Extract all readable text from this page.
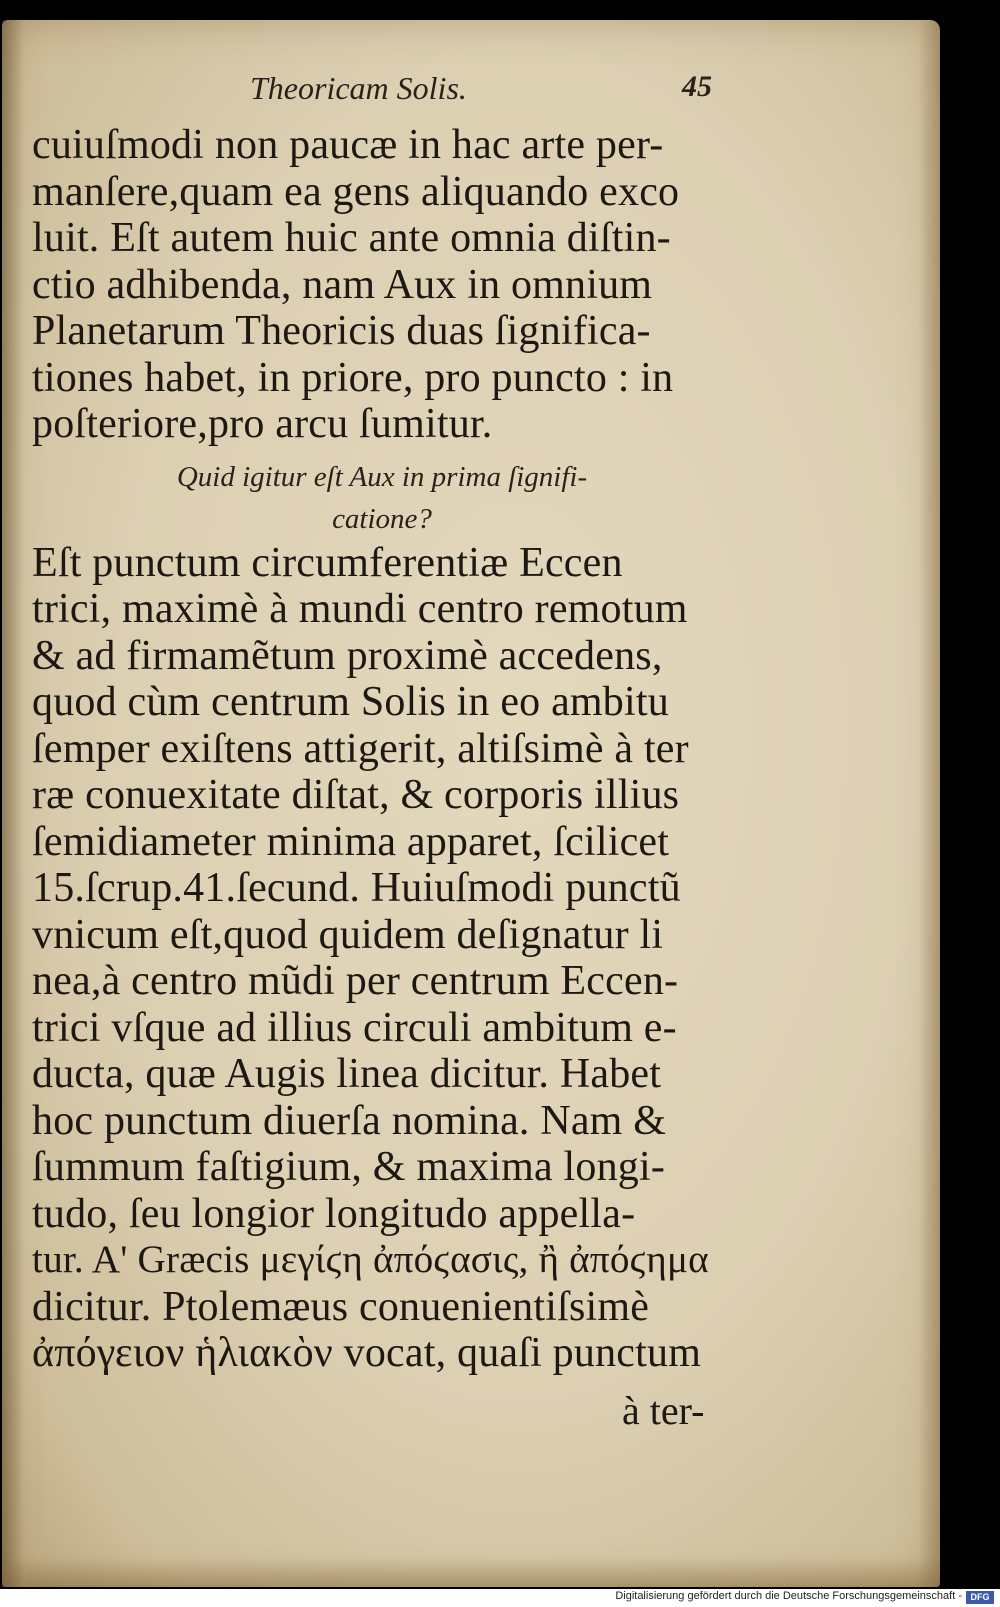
Theoricam Solis.	45
cuiuſmodi non paucæ in hac arte per-
manſere,quam ea gens aliquando exco
luit. Eſt autem huic ante omnia diſtin-
ctio adhibenda, nam Aux in omnium
Planetarum Theoricis duas ſignifica-
tiones habet, in priore, pro puncto : in
poſteriore,pro arcu ſumitur.
Quid igitur eſt Aux in prima ſignifi-
catione?
Eſt punctum circumferentiæ Eccen
trici, maximè à mundi centro remotum
& ad firmamẽtum proximè accedens,
quod cùm centrum Solis in eo ambitu
ſemper exiſtens attigerit, altiſsimè à ter
ræ conuexitate diſtat, & corporis illius
ſemidiameter minima apparet, ſcilicet
15.ſcrup.41.ſecund. Huiuſmodi punctũ
vnicum eſt,quod quidem deſignatur li
nea,à centro mũdi per centrum Eccen-
trici vſque ad illius circuli ambitum e-
ducta, quæ Augis linea dicitur. Habet
hoc punctum diuerſa nomina. Nam &
ſummum faſtigium, & maxima longi-
tudo, ſeu longior longitudo appella-
tur. A' Græcis μεγίϛη ἀπόϛασις, ἢ ἀπόϛημα
dicitur. Ptolemæus conuenientiſsimè
ἀπόγειον ἡλιακὸν vocat, quaſi punctum
à ter-
Digitalisierung gefördert durch die Deutsche Forschungsgemeinschaft - DFG
